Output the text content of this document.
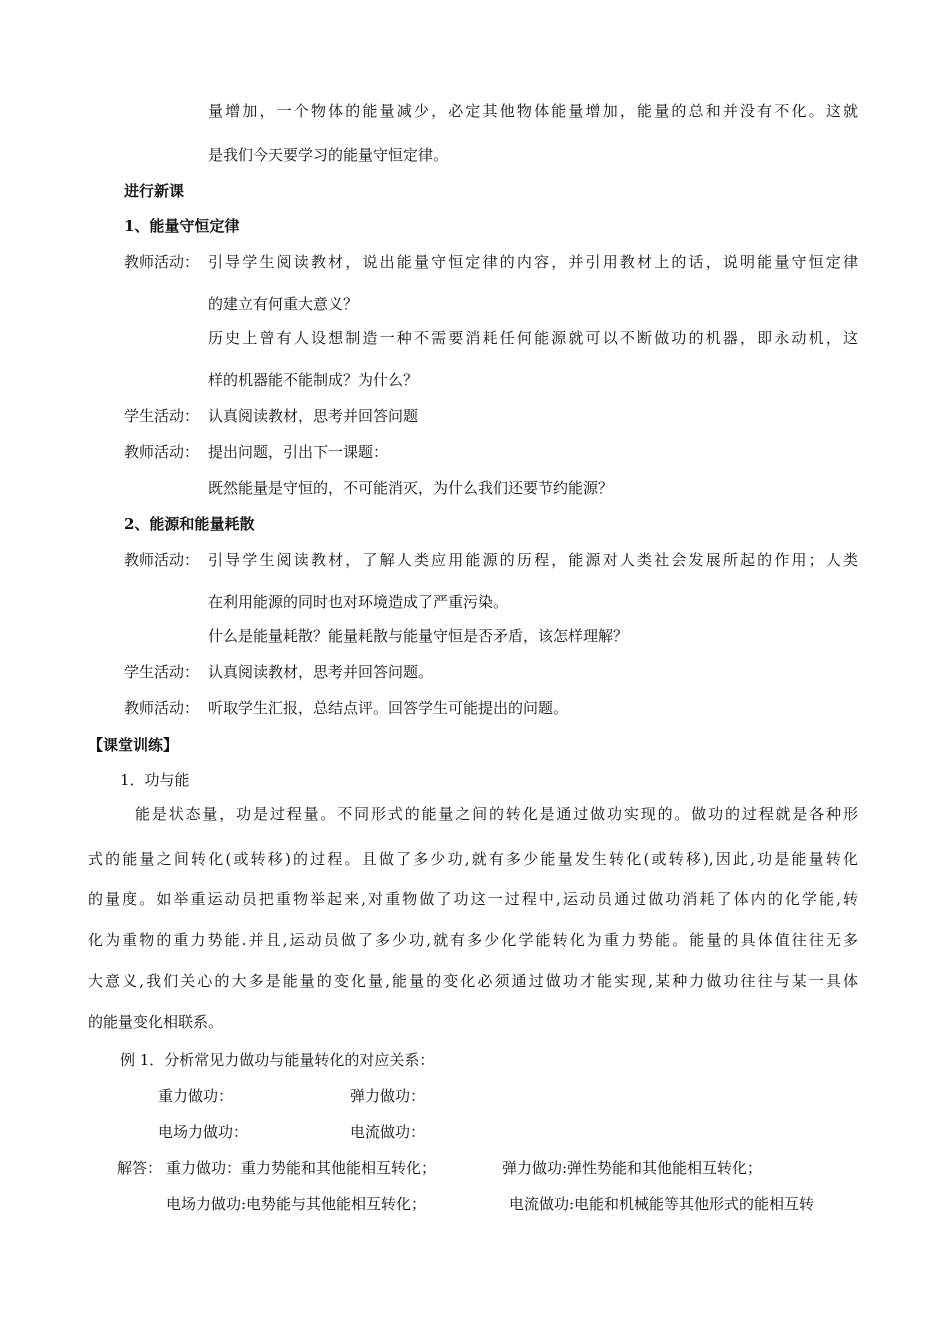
量增加，一个物体的能量减少，必定其他物体能量增加，能量的总和并没有不化。这就
是我们今天要学习的能量守恒定律。
进行新课
1、能量守恒定律
教师活动： 引导学生阅读教材，说出能量守恒定律的内容，并引用教材上的话，说明能量守恒定律
的建立有何重大意义？
历史上曾有人设想制造一种不需要消耗任何能源就可以不断做功的机器，即永动机，这
样的机器能不能制成？为什么？
学生活动： 认真阅读教材，思考并回答问题
教师活动： 提出问题，引出下一课题：
既然能量是守恒的，不可能消灭，为什么我们还要节约能源？
2、能源和能量耗散
教师活动： 引导学生阅读教材，了解人类应用能源的历程，能源对人类社会发展所起的作用；人类
在利用能源的同时也对环境造成了严重污染。
什么是能量耗散？能量耗散与能量守恒是否矛盾，该怎样理解？
学生活动： 认真阅读教材，思考并回答问题。
教师活动： 听取学生汇报，总结点评。回答学生可能提出的问题。
【课堂训练】
1．功与能
能是状态量，功是过程量。不同形式的能量之间的转化是通过做功实现的。做功的过程就是各种形
式的能量之间转化(或转移)的过程。且做了多少功,就有多少能量发生转化(或转移),因此,功是能量转化
的量度。如举重运动员把重物举起来,对重物做了功这一过程中,运动员通过做功消耗了体内的化学能,转
化为重物的重力势能.并且,运动员做了多少功,就有多少化学能转化为重力势能。能量的具体值往往无多
大意义,我们关心的大多是能量的变化量,能量的变化必须通过做功才能实现,某种力做功往往与某一具体
的能量变化相联系。
例 1．分析常见力做功与能量转化的对应关系：
重力做功：	弹力做功：
电场力做功：	电流做功：
解答： 重力做功：重力势能和其他能相互转化；	弹力做功:弹性势能和其他能相互转化；
电场力做功:电势能与其他能相互转化；	电流做功:电能和机械能等其他形式的能相互转
